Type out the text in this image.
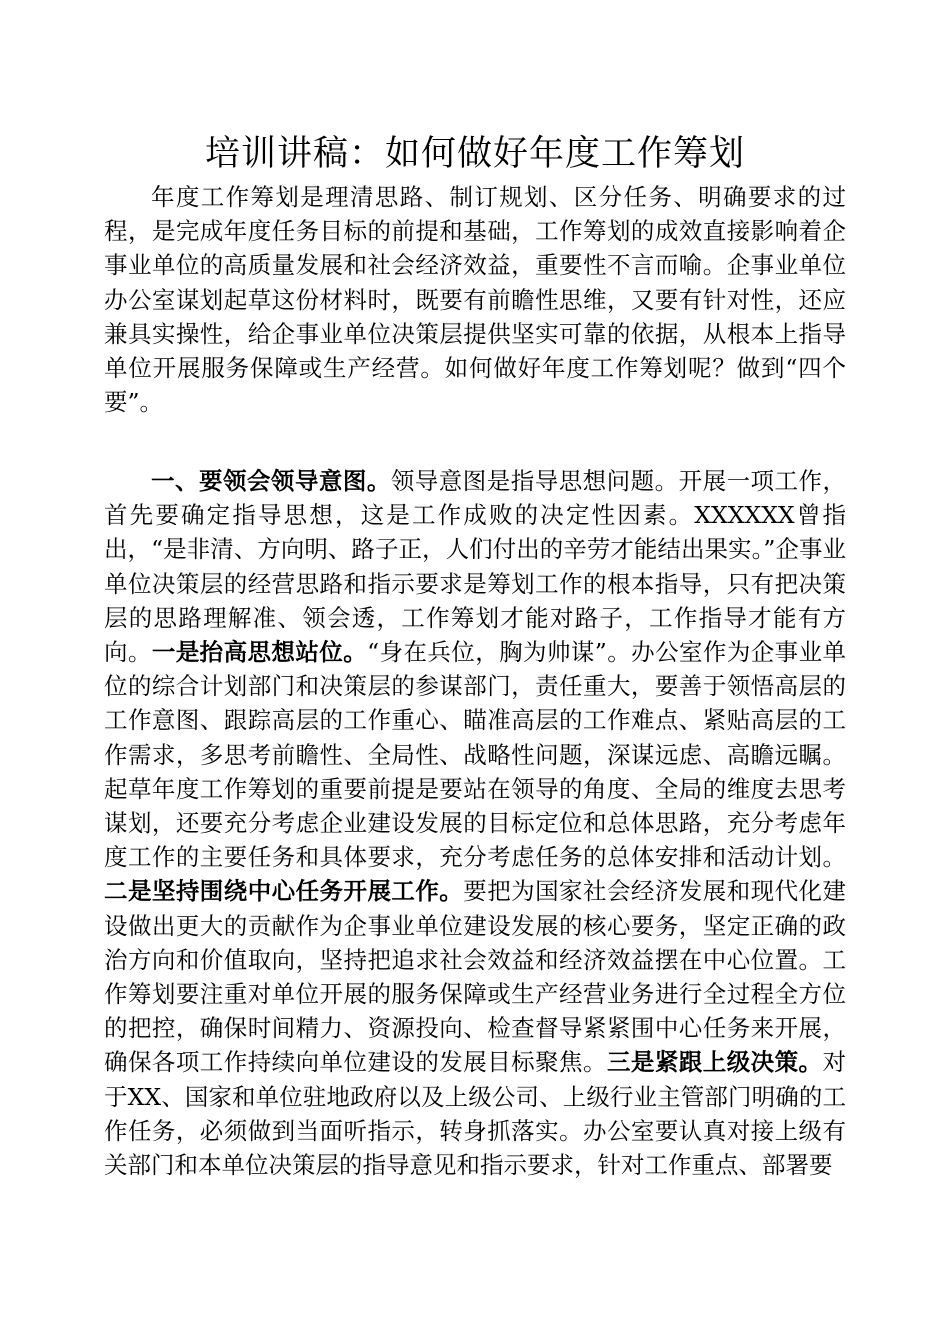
培训讲稿：如何做好年度工作筹划

年度工作筹划是理清思路、制订规划、区分任务、明确要求的过程，是完成年度任务目标的前提和基础，工作筹划的成效直接影响着企事业单位的高质量发展和社会经济效益，重要性不言而喻。企事业单位办公室谋划起草这份材料时，既要有前瞻性思维，又要有针对性，还应兼具实操性，给企事业单位决策层提供坚实可靠的依据，从根本上指导单位开展服务保障或生产经营。如何做好年度工作筹划呢？做到“四个要”。

一、要领会领导意图。领导意图是指导思想问题。开展一项工作，首先要确定指导思想，这是工作成败的决定性因素。XXXXXX曾指出，“是非清、方向明、路子正，人们付出的辛劳才能结出果实。”企事业单位决策层的经营思路和指示要求是筹划工作的根本指导，只有把决策层的思路理解准、领会透，工作筹划才能对路子，工作指导才能有方向。一是抬高思想站位。“身在兵位，胸为帅谋”。办公室作为企事业单位的综合计划部门和决策层的参谋部门，责任重大，要善于领悟高层的工作意图、跟踪高层的工作重心、瞄准高层的工作难点、紧贴高层的工作需求，多思考前瞻性、全局性、战略性问题，深谋远虑、高瞻远瞩。起草年度工作筹划的重要前提是要站在领导的角度、全局的维度去思考谋划，还要充分考虑企业建设发展的目标定位和总体思路，充分考虑年度工作的主要任务和具体要求，充分考虑任务的总体安排和活动计划。二是坚持围绕中心任务开展工作。要把为国家社会经济发展和现代化建设做出更大的贡献作为企事业单位建设发展的核心要务，坚定正确的政治方向和价值取向，坚持把追求社会效益和经济效益摆在中心位置。工作筹划要注重对单位开展的服务保障或生产经营业务进行全过程全方位的把控，确保时间精力、资源投向、检查督导紧紧围中心任务来开展，确保各项工作持续向单位建设的发展目标聚焦。三是紧跟上级决策。对于XX、国家和单位驻地政府以及上级公司、上级行业主管部门明确的工作任务，必须做到当面听指示，转身抓落实。办公室要认真对接上级有关部门和本单位决策层的指导意见和指示要求，针对工作重点、部署要
